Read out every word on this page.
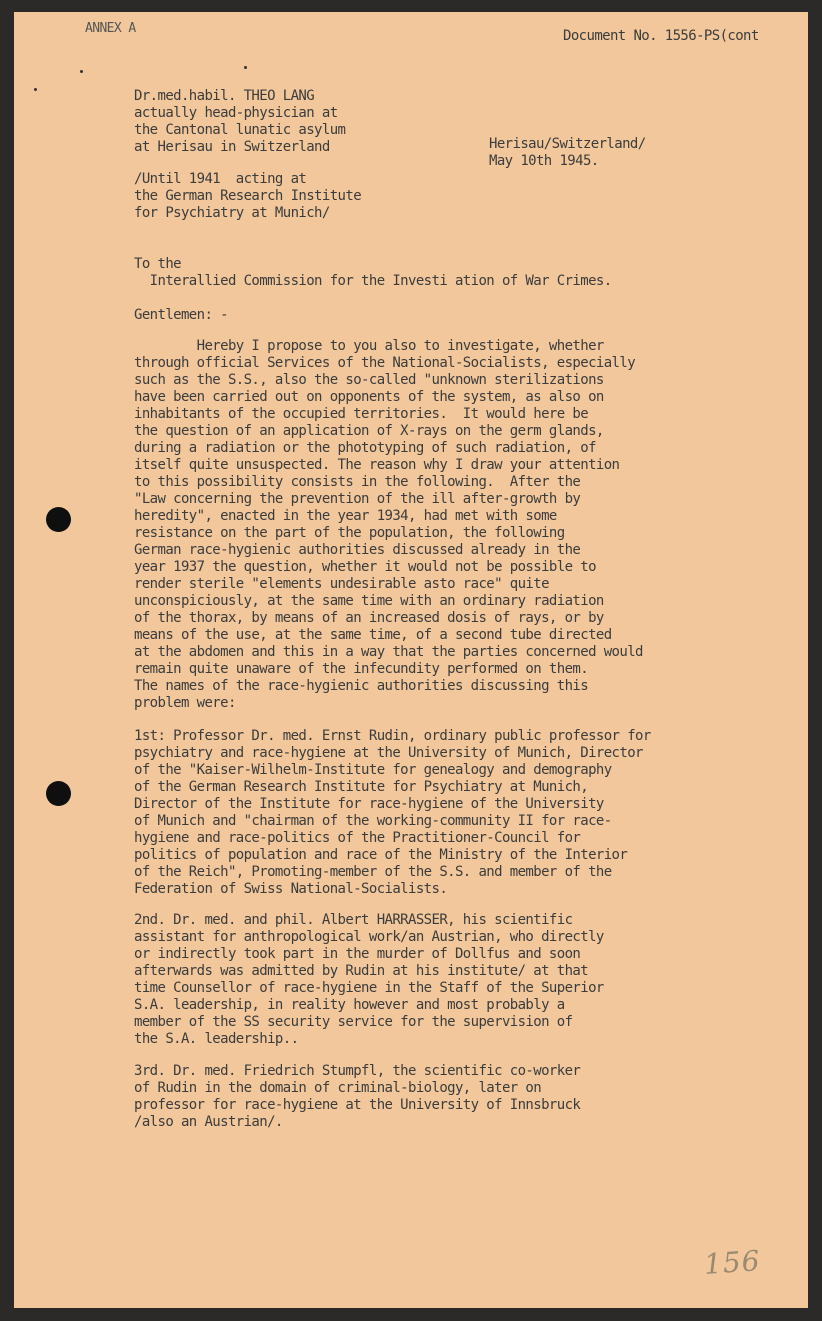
ANNEX A	Document No. 1556-PS(cont
Dr.med.habil. THEO LANG
actually head-physician at
the Cantonal lunatic asylum
at Herisau in Switzerland	Herisau/Switzerland/
May 10th 1945.
/Until 1941  acting at
the German Research Institute
for Psychiatry at Munich/
To the
Interallied Commission for the Investi ation of War Crimes.
Gentlemen: -
Hereby I propose to you also to investigate, whether
through official Services of the National-Socialists, especially
such as the S.S., also the so-called "unknown sterilizations
have been carried out on opponents of the system, as also on
inhabitants of the occupied territories.  It would here be
the question of an application of X-rays on the germ glands,
during a radiation or the phototyping of such radiation, of
itself quite unsuspected. The reason why I draw your attention
to this possibility consists in the following.  After the
"Law concerning the prevention of the ill after-growth by
heredity", enacted in the year 1934, had met with some
resistance on the part of the population, the following
German race-hygienic authorities discussed already in the
year 1937 the question, whether it would not be possible to
render sterile "elements undesirable asto race" quite
unconspiciously, at the same time with an ordinary radiation
of the thorax, by means of an increased dosis of rays, or by
means of the use, at the same time, of a second tube directed
at the abdomen and this in a way that the parties concerned would
remain quite unaware of the infecundity performed on them.
The names of the race-hygienic authorities discussing this
problem were:
1st: Professor Dr. med. Ernst Rudin, ordinary public professor for
psychiatry and race-hygiene at the University of Munich, Director
of the "Kaiser-Wilhelm-Institute for genealogy and demography
of the German Research Institute for Psychiatry at Munich,
Director of the Institute for race-hygiene of the University
of Munich and "chairman of the working-community II for race-
hygiene and race-politics of the Practitioner-Council for
politics of population and race of the Ministry of the Interior
of the Reich", Promoting-member of the S.S. and member of the
Federation of Swiss National-Socialists.
2nd. Dr. med. and phil. Albert HARRASSER, his scientific
assistant for anthropological work/an Austrian, who directly
or indirectly took part in the murder of Dollfus and soon
afterwards was admitted by Rudin at his institute/ at that
time Counsellor of race-hygiene in the Staff of the Superior
S.A. leadership, in reality however and most probably a
member of the SS security service for the supervision of
the S.A. leadership..
3rd. Dr. med. Friedrich Stumpfl, the scientific co-worker
of Rudin in the domain of criminal-biology, later on
professor for race-hygiene at the University of Innsbruck
/also an Austrian/.
156
